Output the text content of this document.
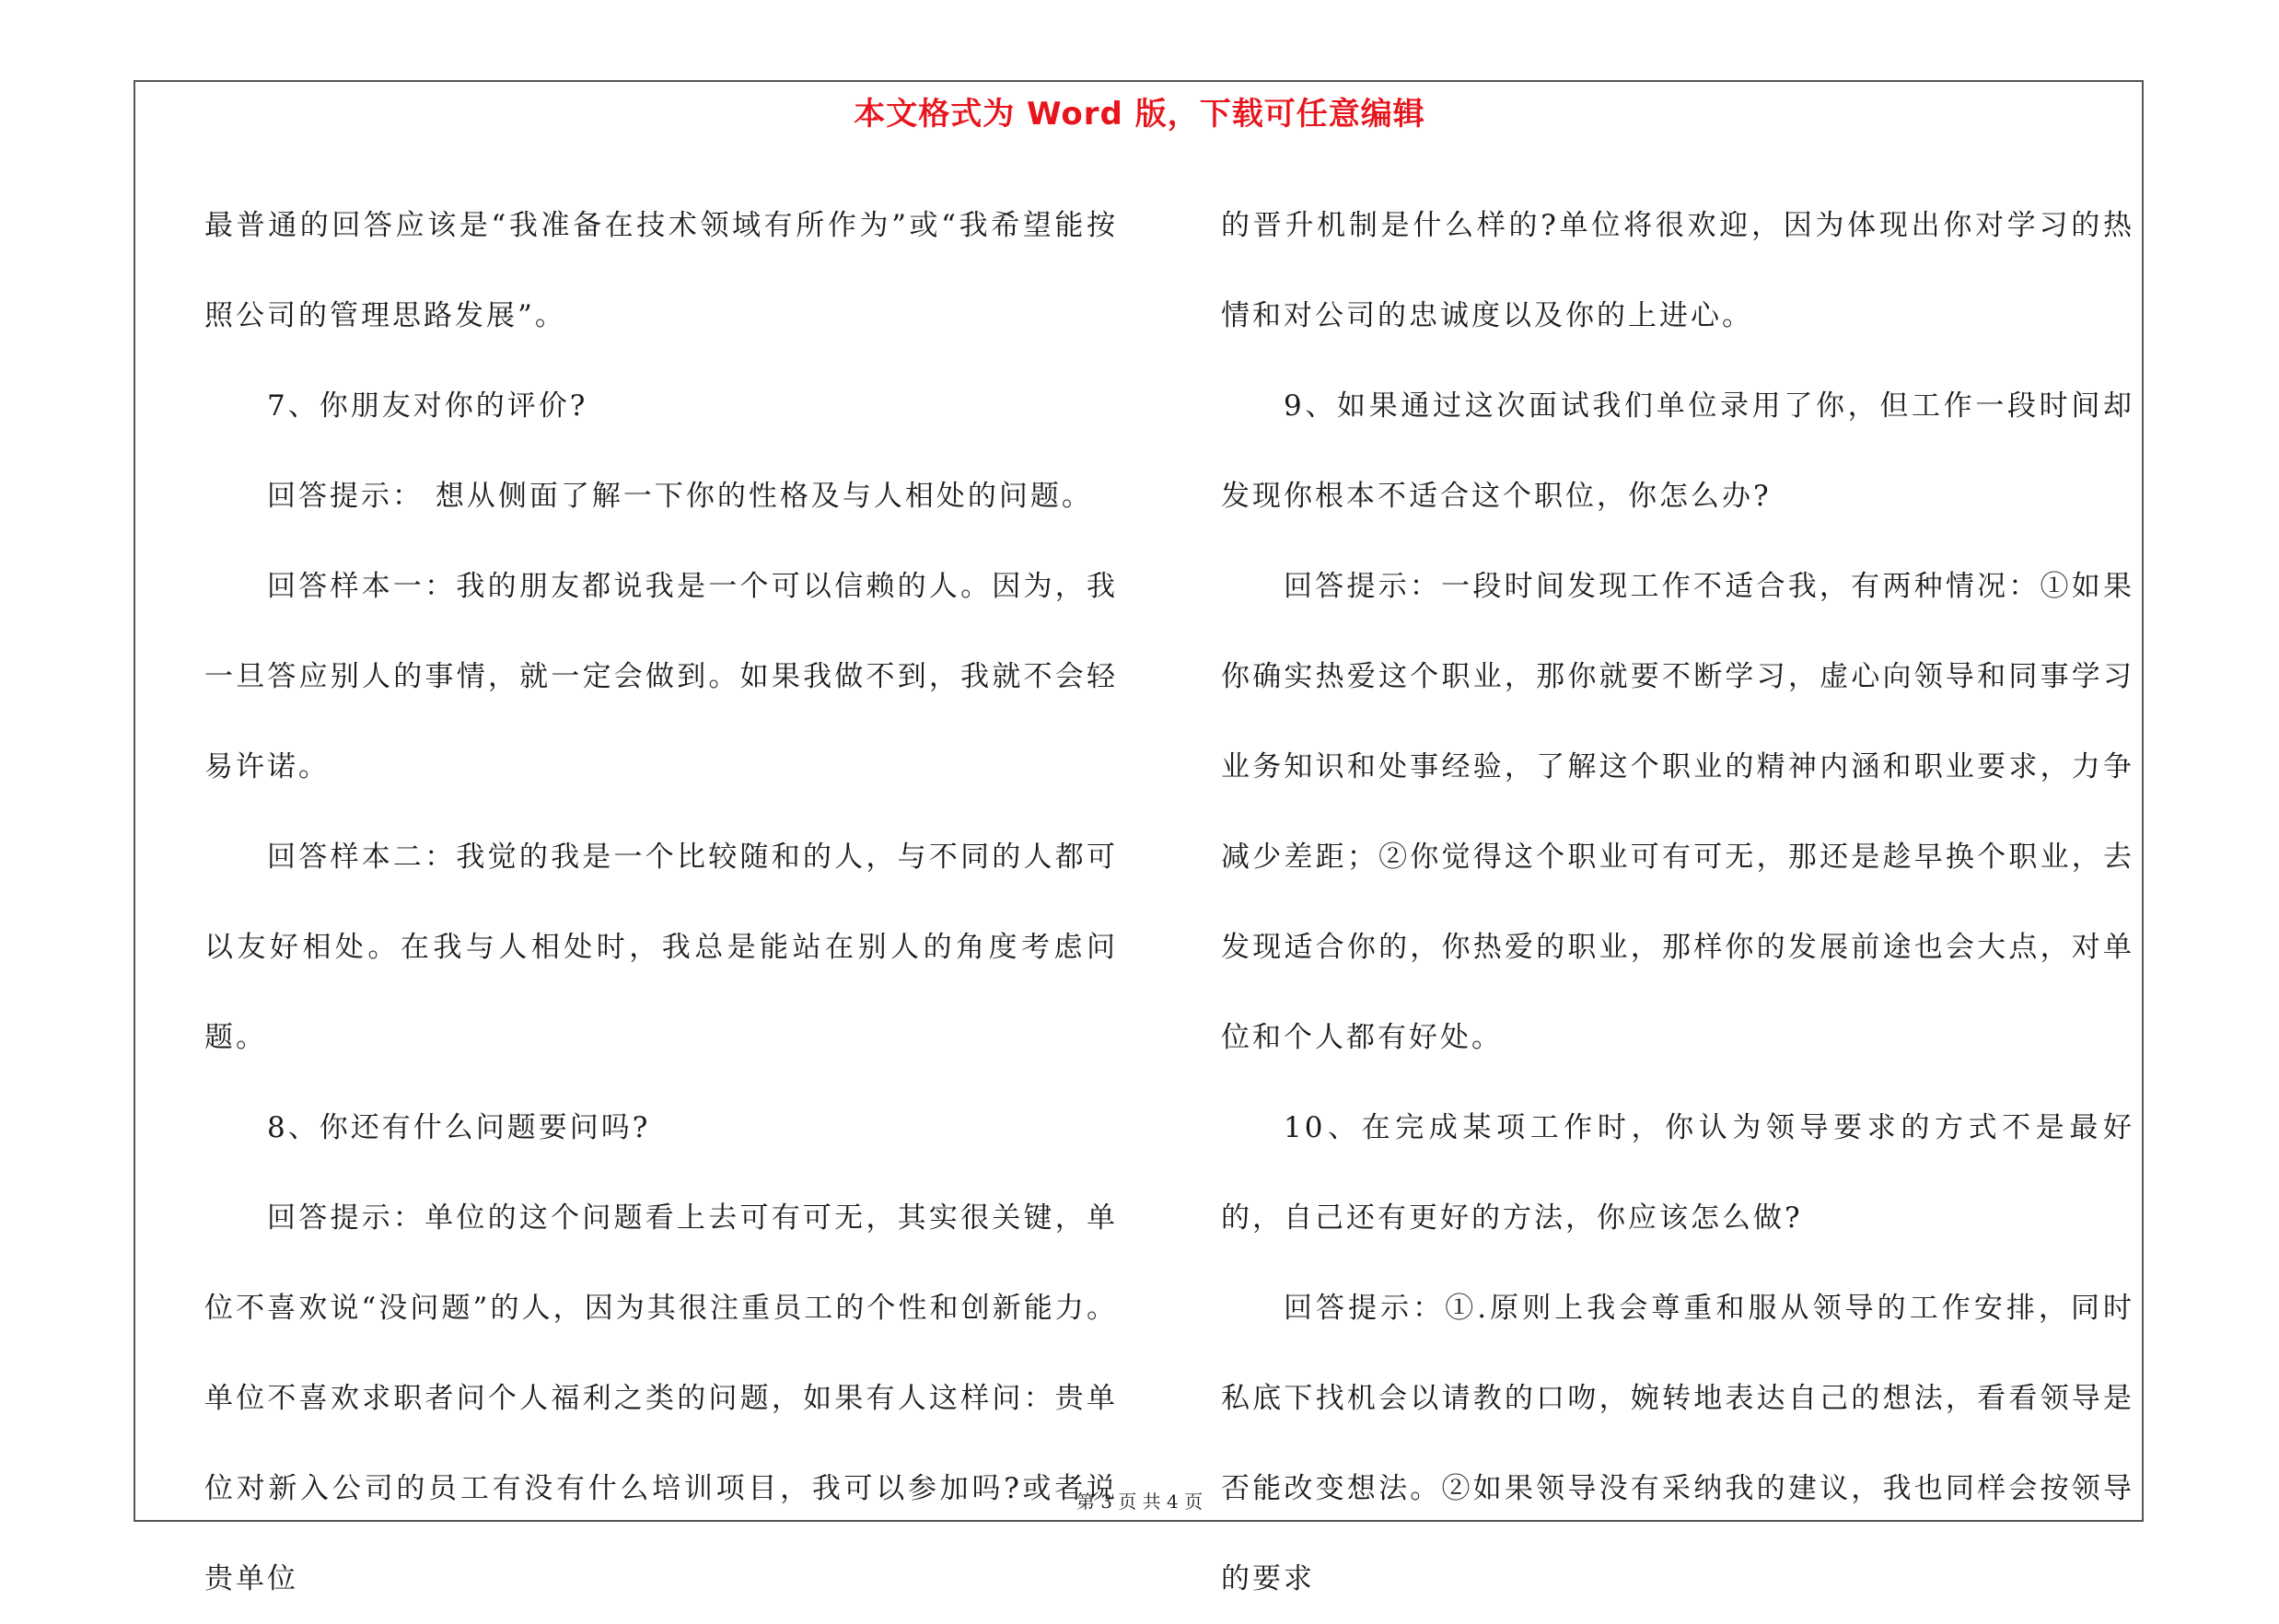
本文格式为 Word 版，下载可任意编辑

最普通的回答应该是“我准备在技术领域有所作为”或“我希望能按照公司的管理思路发展”。

7、你朋友对你的评价?

回答提示： 想从侧面了解一下你的性格及与人相处的问题。

回答样本一：我的朋友都说我是一个可以信赖的人。因为，我一旦答应别人的事情，就一定会做到。如果我做不到，我就不会轻易许诺。

回答样本二：我觉的我是一个比较随和的人，与不同的人都可以友好相处。在我与人相处时，我总是能站在别人的角度考虑问题。

8、你还有什么问题要问吗?

回答提示：单位的这个问题看上去可有可无，其实很关键，单位不喜欢说“没问题”的人，因为其很注重员工的个性和创新能力。单位不喜欢求职者问个人福利之类的问题，如果有人这样问：贵单位对新入公司的员工有没有什么培训项目，我可以参加吗?或者说贵单位

的晋升机制是什么样的?单位将很欢迎，因为体现出你对学习的热情和对公司的忠诚度以及你的上进心。

9、如果通过这次面试我们单位录用了你，但工作一段时间却发现你根本不适合这个职位，你怎么办?

回答提示：一段时间发现工作不适合我，有两种情况：①如果你确实热爱这个职业，那你就要不断学习，虚心向领导和同事学习业务知识和处事经验，了解这个职业的精神内涵和职业要求，力争减少差距；②你觉得这个职业可有可无，那还是趁早换个职业，去发现适合你的，你热爱的职业，那样你的发展前途也会大点，对单位和个人都有好处。

10、在完成某项工作时，你认为领导要求的方式不是最好的，自己还有更好的方法，你应该怎么做?

回答提示：①.原则上我会尊重和服从领导的工作安排，同时私底下找机会以请教的口吻，婉转地表达自己的想法，看看领导是否能改变想法。②如果领导没有采纳我的建议，我也同样会按领导的要求

第 3 页 共 4 页
